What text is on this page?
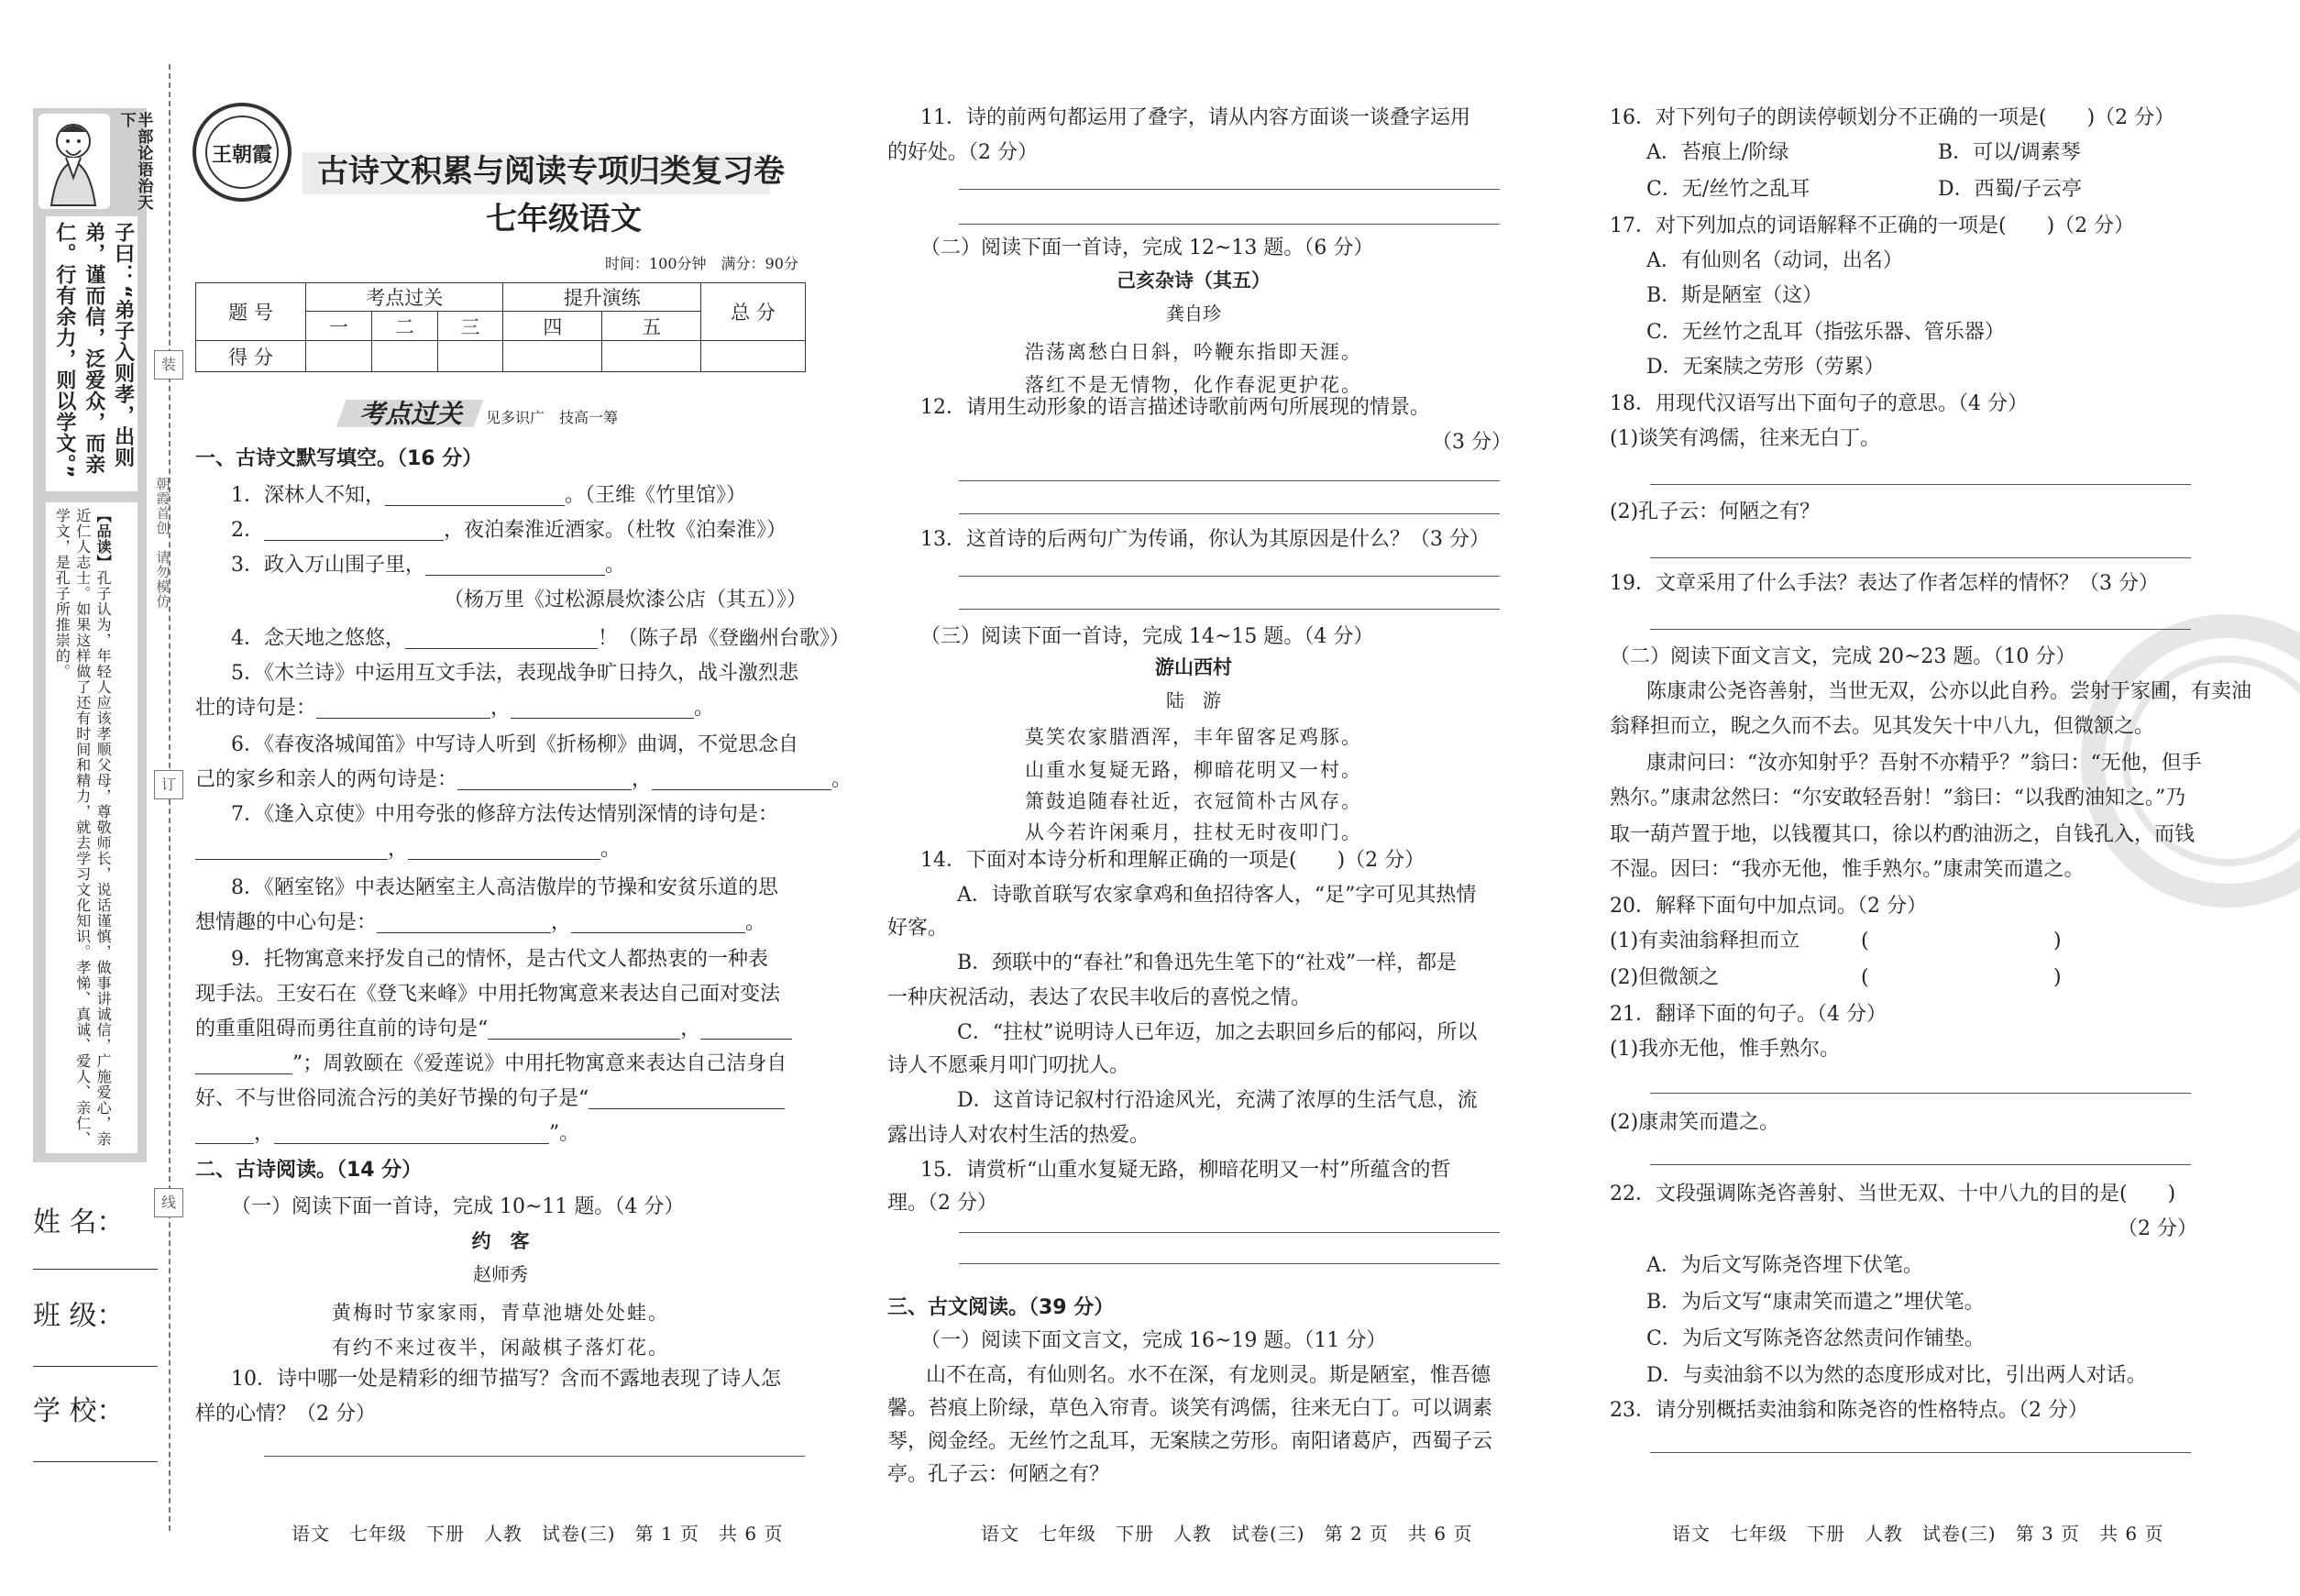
半部论语治天下
子曰：“弟子入则孝，出则弟，谨而信，泛爱众，而亲仁。行有余力，则以学文。”
【品读】孔子认为，年轻人应该孝顺父母，尊敬师长，说话谨慎，做事讲诚信，广施爱心，亲近仁人志士。如果这样做了还有时间和精力，就去学习文化知识。孝悌、真诚、爱人、亲仁、学文，是孔子所推崇的。
姓 名：
班 级：
学 校：
装
订
线
朝霞首创　请勿模仿
王朝霞	古诗文积累与阅读专项归类复习卷
七年级语文
时间：100分钟　满分：90分
题 号	考点过关			提升演练		总 分
	一	二	三	四	五	
得 分						
考点过关 见多识广　技高一筹
一、古诗文默写填空。（16 分）
1．深林人不知，	。（王维《竹里馆》）
2．	，夜泊秦淮近酒家。（杜牧《泊秦淮》）
3．政入万山围子里，	。
（杨万里《过松源晨炊漆公店（其五）》）
4．念天地之悠悠，	！（陈子昂《登幽州台歌》）
5．《木兰诗》中运用互文手法，表现战争旷日持久，战斗激烈悲
壮的诗句是：	，	。
6．《春夜洛城闻笛》中写诗人听到《折杨柳》曲调，不觉思念自
己的家乡和亲人的两句诗是：	，	。
7．《逢入京使》中用夸张的修辞方法传达情别深情的诗句是：
，	。
8．《陋室铭》中表达陋室主人高洁傲岸的节操和安贫乐道的思
想情趣的中心句是：	，	。
9．托物寓意来抒发自己的情怀，是古代文人都热衷的一种表
现手法。王安石在《登飞来峰》中用托物寓意来表达自己面对变法
的重重阻碍而勇往直前的诗句是“	，
”；周敦颐在《爱莲说》中用托物寓意来表达自己洁身自
好、不与世俗同流合污的美好节操的句子是“
，	”。
二、古诗阅读。（14 分）
（一）阅读下面一首诗，完成 10~11 题。（4 分）
约　客
赵师秀
黄梅时节家家雨，青草池塘处处蛙。
有约不来过夜半，闲敲棋子落灯花。
10．诗中哪一处是精彩的细节描写？含而不露地表现了诗人怎
样的心情？（2 分）
语文　七年级　下册　人教　试卷(三)　第 1 页　共 6 页
11．诗的前两句都运用了叠字，请从内容方面谈一谈叠字运用
的好处。（2 分）
（二）阅读下面一首诗，完成 12~13 题。（6 分）
己亥杂诗（其五）
龚自珍
浩荡离愁白日斜，吟鞭东指即天涯。
落红不是无情物，化作春泥更护花。
12．请用生动形象的语言描述诗歌前两句所展现的情景。
（3 分）
13．这首诗的后两句广为传诵，你认为其原因是什么？（3 分）
（三）阅读下面一首诗，完成 14~15 题。（4 分）
游山西村
陆　游
莫笑农家腊酒浑，丰年留客足鸡豚。
山重水复疑无路，柳暗花明又一村。
箫鼓追随春社近，衣冠简朴古风存。
从今若许闲乘月，拄杖无时夜叩门。
14．下面对本诗分析和理解正确的一项是(　　)（2 分）
A．诗歌首联写农家拿鸡和鱼招待客人，“足”字可见其热情
好客。
B．颈联中的“春社”和鲁迅先生笔下的“社戏”一样，都是
一种庆祝活动，表达了农民丰收后的喜悦之情。
C．“拄杖”说明诗人已年迈，加之去职回乡后的郁闷，所以
诗人不愿乘月叩门叨扰人。
D．这首诗记叙村行沿途风光，充满了浓厚的生活气息，流
露出诗人对农村生活的热爱。
15．请赏析“山重水复疑无路，柳暗花明又一村”所蕴含的哲
理。（2 分）
三、古文阅读。（39 分）
（一）阅读下面文言文，完成 16~19 题。（11 分）
山不在高，有仙则名。水不在深，有龙则灵。斯是陋室，惟吾德
馨。苔痕上阶绿，草色入帘青。谈笑有鸿儒，往来无白丁。可以调素
琴，阅金经。无丝竹之乱耳，无案牍之劳形。南阳诸葛庐，西蜀子云
亭。孔子云：何陋之有？
语文　七年级　下册　人教　试卷(三)　第 2 页　共 6 页
16．对下列句子的朗读停顿划分不正确的一项是(　　)（2 分）
A．苔痕上/阶绿	B．可以/调素琴
C．无/丝竹之乱耳	D．西蜀/子云亭
17．对下列加点的词语解释不正确的一项是(　　)（2 分）
A．有仙则名（动词，出名）
B．斯是陋室（这）
C．无丝竹之乱耳（指弦乐器、管乐器）
D．无案牍之劳形（劳累）
18．用现代汉语写出下面句子的意思。（4 分）
(1)谈笑有鸿儒，往来无白丁。
(2)孔子云：何陋之有？
19．文章采用了什么手法？表达了作者怎样的情怀？（3 分）
（二）阅读下面文言文，完成 20~23 题。（10 分）
陈康肃公尧咨善射，当世无双，公亦以此自矜。尝射于家圃，有卖油
翁释担而立，睨之久而不去。见其发矢十中八九，但微颔之。
康肃问曰：“汝亦知射乎？吾射不亦精乎？”翁曰：“无他，但手
熟尔。”康肃忿然曰：“尔安敢轻吾射！”翁曰：“以我酌油知之。”乃
取一葫芦置于地，以钱覆其口，徐以杓酌油沥之，自钱孔入，而钱
不湿。因曰：“我亦无他，惟手熟尔。”康肃笑而遣之。
20．解释下面句中加点词。（2 分）
(1)有卖油翁释担而立	(	)
(2)但微颔之	(	)
21．翻译下面的句子。（4 分）
(1)我亦无他，惟手熟尔。
(2)康肃笑而遣之。
22．文段强调陈尧咨善射、当世无双、十中八九的目的是(　　)
（2 分）
A．为后文写陈尧咨埋下伏笔。
B．为后文写“康肃笑而遣之”埋伏笔。
C．为后文写陈尧咨忿然责问作铺垫。
D．与卖油翁不以为然的态度形成对比，引出两人对话。
23．请分别概括卖油翁和陈尧咨的性格特点。（2 分）
语文　七年级　下册　人教　试卷(三)　第 3 页　共 6 页
